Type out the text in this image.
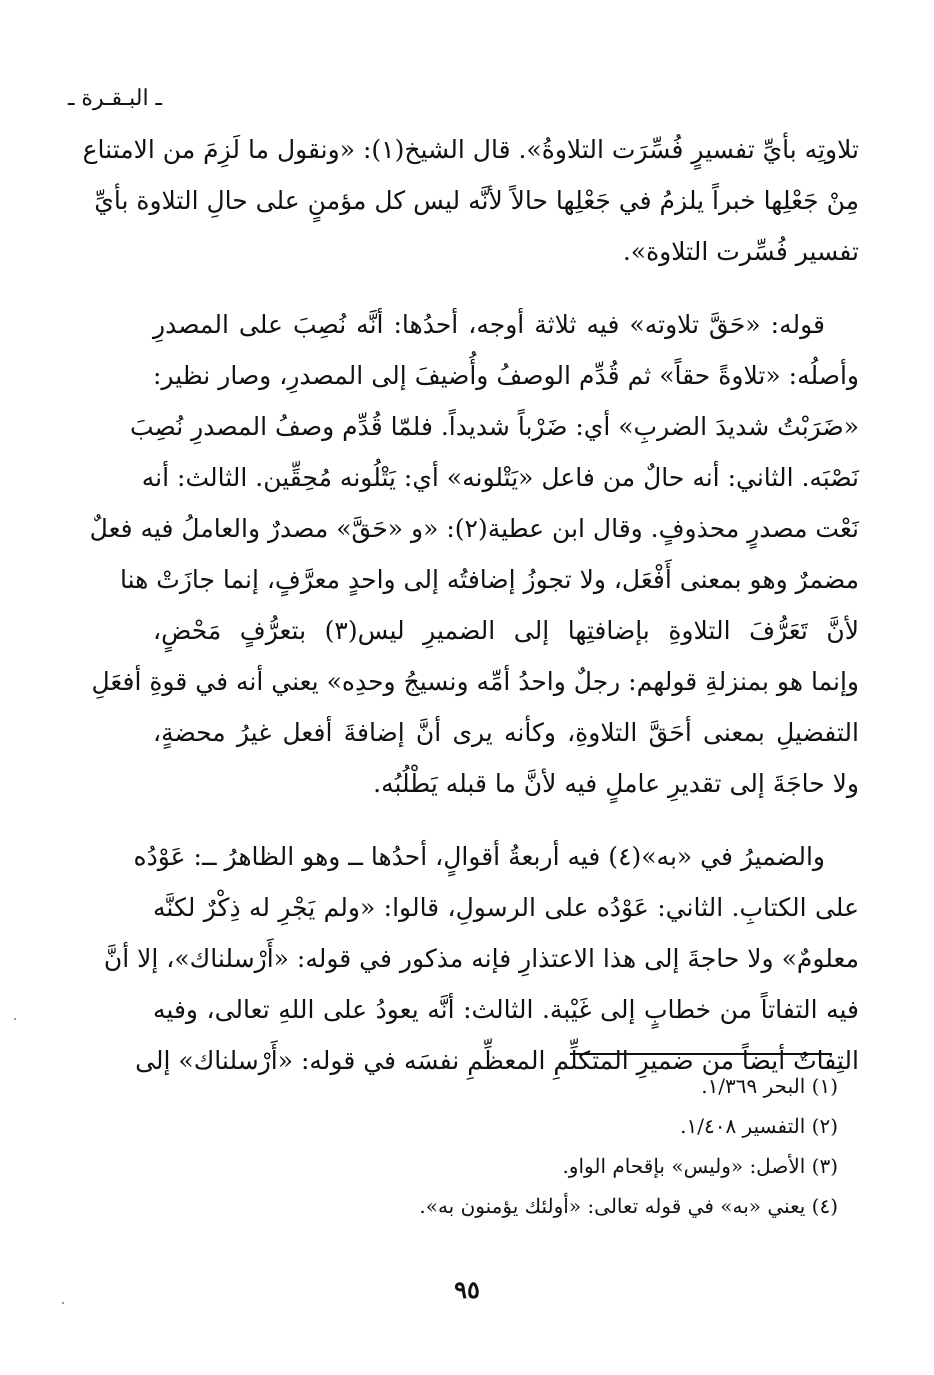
ـ البـقـرة ـ
تلاوتِه بأيِّ تفسيرٍ فُسِّرَت التلاوةُ». قال الشيخ(١): «ونقول ما لَزِمَ من الامتناع
مِنْ جَعْلِها خبراً يلزمُ في جَعْلِها حالاً لأنَّه ليس كل مؤمنٍ على حالِ التلاوة بأيِّ
تفسير فُسِّرت التلاوة».
قوله: «حَقَّ تلاوته» فيه ثلاثة أوجه، أحدُها: أنَّه نُصِبَ على المصدرِ
وأصلُه: «تلاوةً حقاً» ثم قُدِّم الوصفُ وأُضيفَ إلى المصدرِ، وصار نظير:
«ضَرَبْتُ شديدَ الضربِ» أي: ضَرْباً شديداً. فلمّا قُدِّم وصفُ المصدرِ نُصِبَ
نَصْبَه. الثاني: أنه حالٌ من فاعل «يَتْلونه» أي: يَتْلُونه مُحِقِّين. الثالث: أنه
نَعْت مصدرٍ محذوفٍ. وقال ابن عطية(٢): «و «حَقَّ» مصدرٌ والعاملُ فيه فعلٌ
مضمرٌ وهو بمعنى أَفْعَل، ولا تجوزُ إضافتُه إلى واحدٍ معرَّفٍ، إنما جازَتْ هنا
لأنَّ تَعَرُّفَ التلاوةِ بإضافتِها إلى الضميرِ ليس(٣) بتعرُّفٍ مَحْضٍ،
وإنما هو بمنزلةِ قولهم: رجلٌ واحدُ أمِّه ونسيجُ وحدِه» يعني أنه في قوةِ أفعَلِ
التفضيلِ بمعنى أحَقَّ التلاوةِ، وكأنه يرى أنَّ إضافةَ أفعل غيرُ محضةٍ،
ولا حاجَةَ إلى تقديرِ عاملٍ فيه لأنَّ ما قبله يَطْلُبُه.
والضميرُ في «به»(٤) فيه أربعةُ أقوالٍ، أحدُها ــ وهو الظاهرُ ــ: عَوْدُه
على الكتابِ. الثاني: عَوْدُه على الرسولِ، قالوا: «ولم يَجْرِ له ذِكْرٌ لكنَّه
معلومٌ» ولا حاجةَ إلى هذا الاعتذارِ فإنه مذكور في قوله: «أَرْسلناك»، إلا أنَّ
فيه التفاتاً من خطابٍ إلى غَيْبة. الثالث: أنَّه يعودُ على اللهِ تعالى، وفيه
التِفاتٌ أيضاً من ضميرِ المتكلِّمِ المعظِّمِ نفسَه في قوله: «أَرْسلناك» إلى
(١) البحر ١/٣٦٩.
(٢) التفسير ١/٤٠٨.
(٣) الأصل: «وليس» بإقحام الواو.
(٤) يعني «به» في قوله تعالى: «أولئك يؤمنون به».
٩٥
